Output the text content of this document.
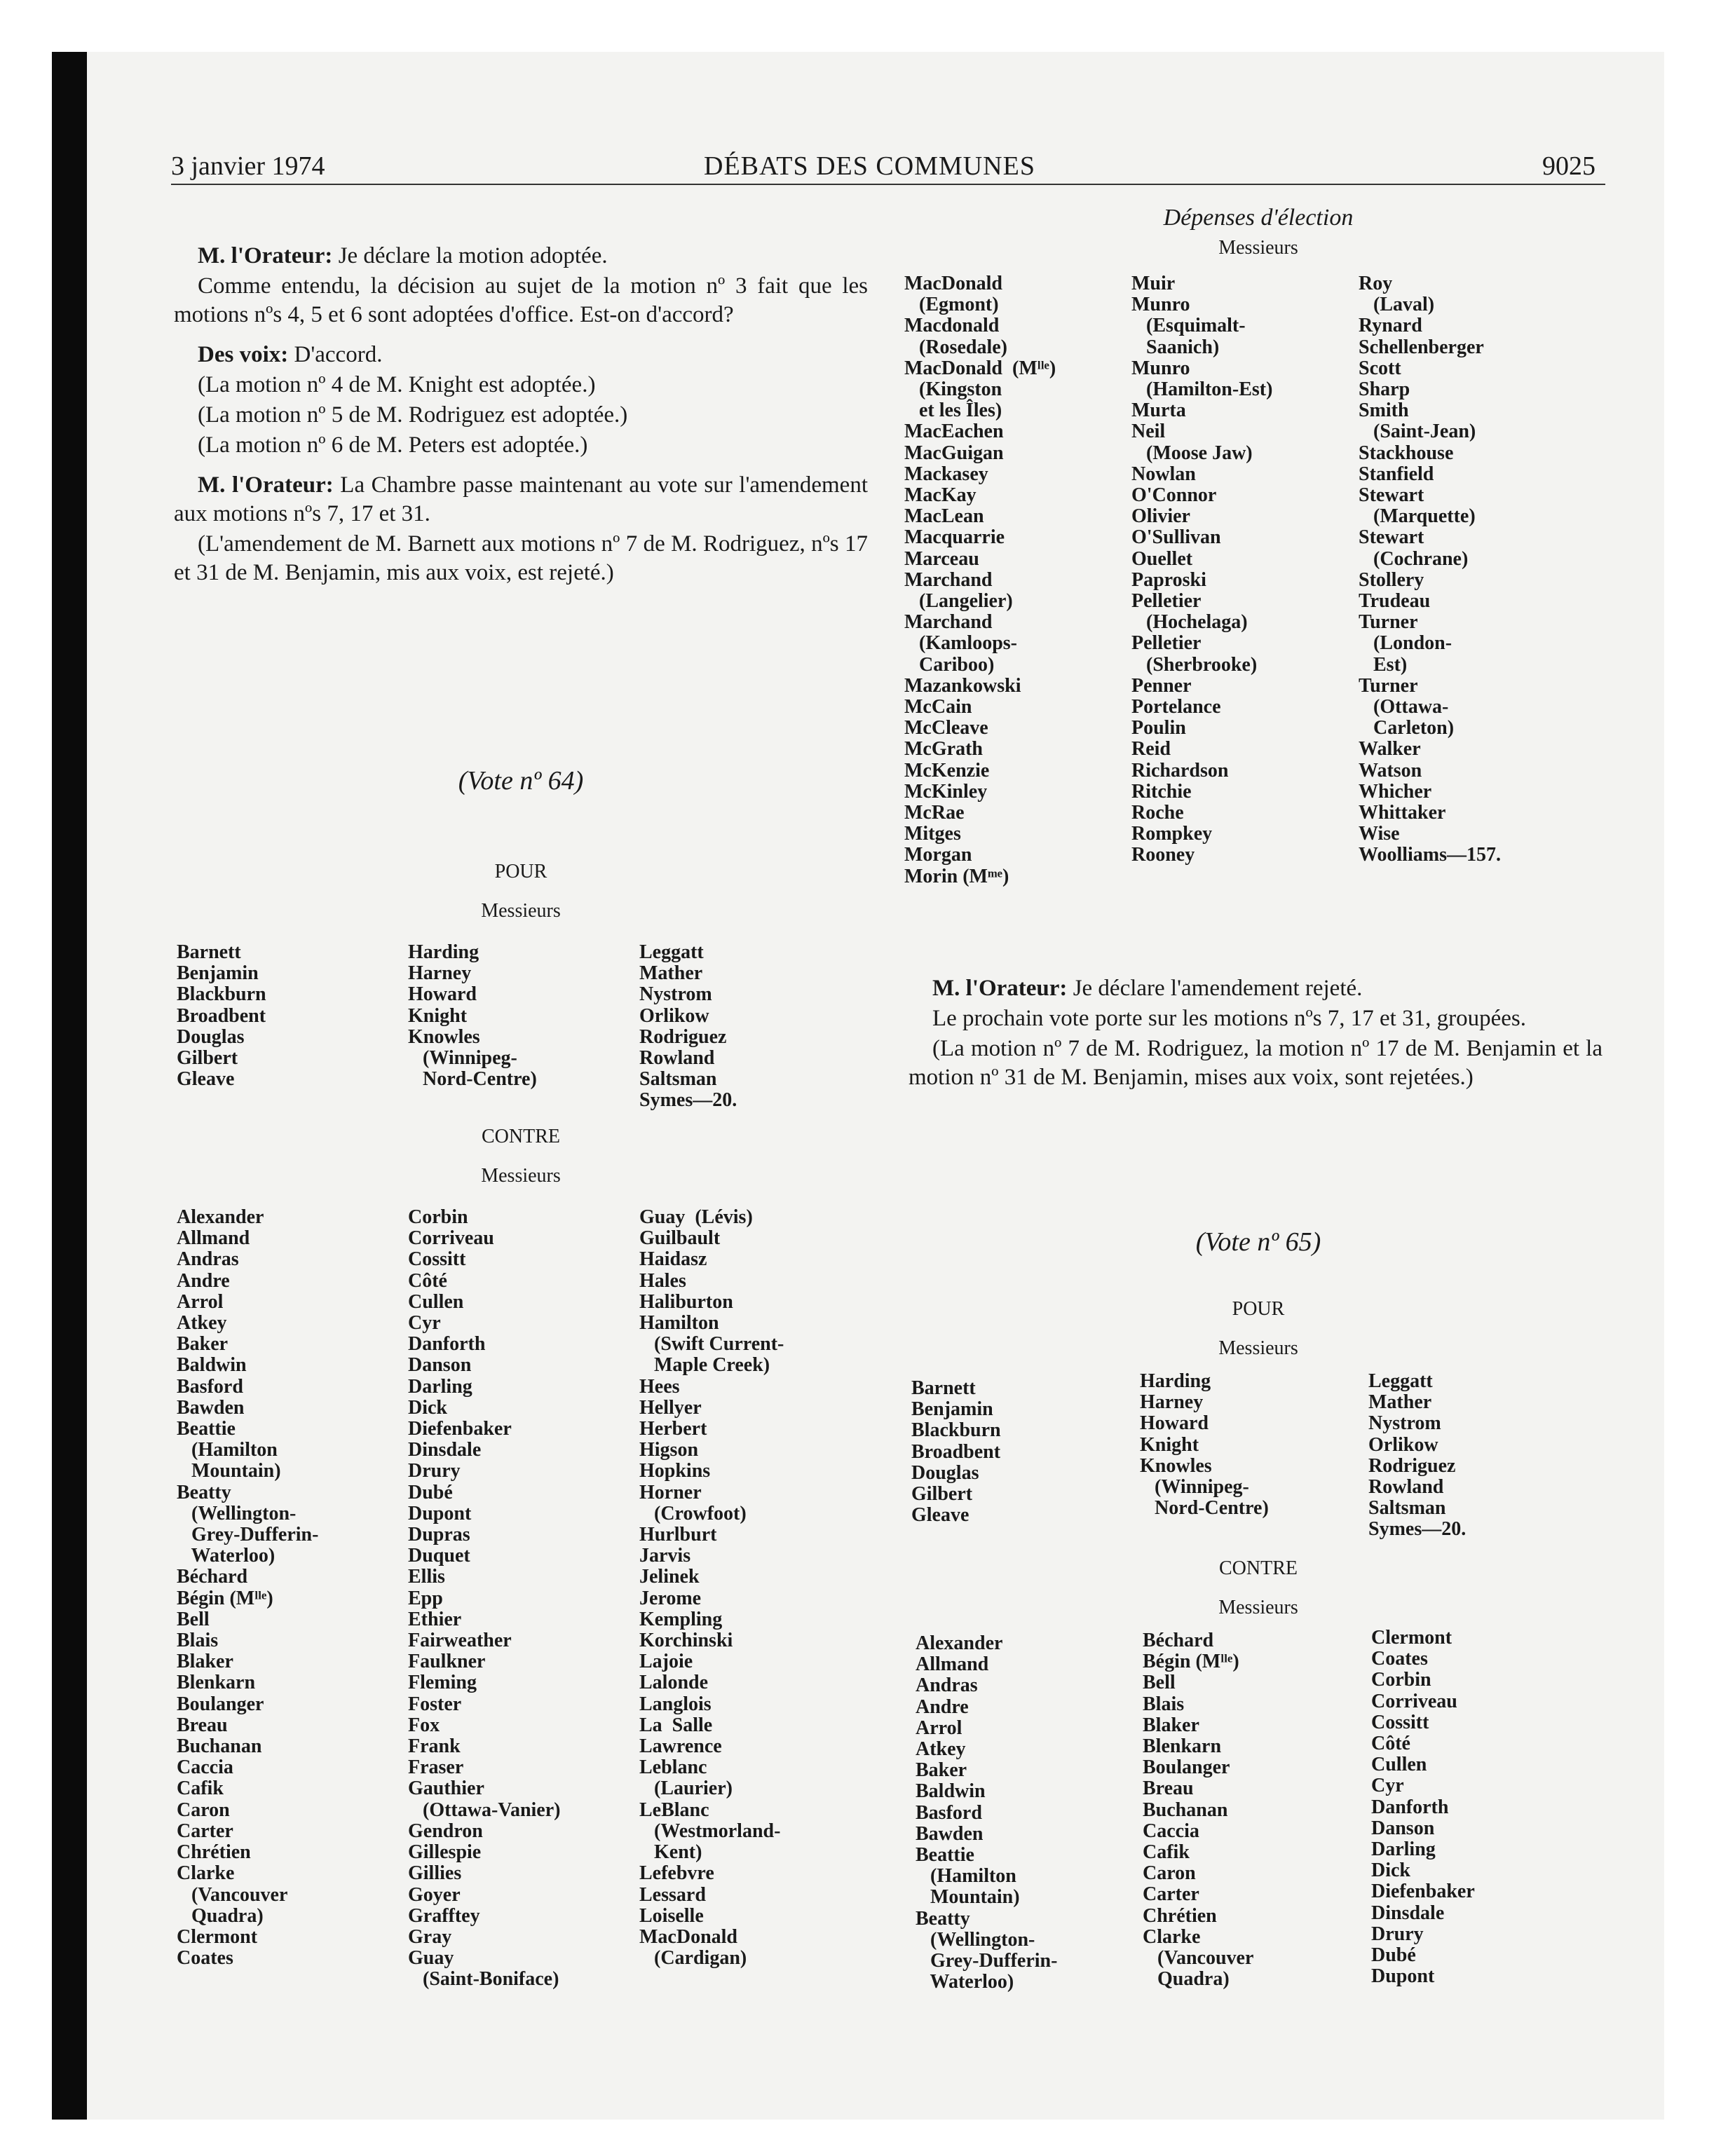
3 janvier 1974	DÉBATS DES COMMUNES	9025

M. l'Orateur: Je déclare la motion adoptée.

Comme entendu, la décision au sujet de la motion nº 3 fait que les motions nºs 4, 5 et 6 sont adoptées d'office. Est-on d'accord?

Des voix: D'accord.

(La motion nº 4 de M. Knight est adoptée.)

(La motion nº 5 de M. Rodriguez est adoptée.)

(La motion nº 6 de M. Peters est adoptée.)

M. l'Orateur: La Chambre passe maintenant au vote sur l'amendement aux motions nºs 7, 17 et 31.

(L'amendement de M. Barnett aux motions nº 7 de M. Rodriguez, nºs 17 et 31 de M. Benjamin, mis aux voix, est rejeté.)

(Vote nº 64)
POUR
Messieurs
Barnett
Benjamin
Blackburn
Broadbent
Douglas
Gilbert
Gleave
Harding
Harney
Howard
Knight
Knowles
(Winnipeg-
Nord-Centre)
Leggatt
Mather
Nystrom
Orlikow
Rodriguez
Rowland
Saltsman
Symes—20.
CONTRE
Messieurs
Alexander
Allmand
Andras
Andre
Arrol
Atkey
Baker
Baldwin
Basford
Bawden
Beattie
(Hamilton
Mountain)
Beatty
(Wellington-
Grey-Dufferin-
Waterloo)
Béchard
Bégin (Mˡˡᵉ)
Bell
Blais
Blaker
Blenkarn
Boulanger
Breau
Buchanan
Caccia
Cafik
Caron
Carter
Chrétien
Clarke
(Vancouver
Quadra)
Clermont
Coates
Corbin
Corriveau
Cossitt
Côté
Cullen
Cyr
Danforth
Danson
Darling
Dick
Diefenbaker
Dinsdale
Drury
Dubé
Dupont
Dupras
Duquet
Ellis
Epp
Ethier
Fairweather
Faulkner
Fleming
Foster
Fox
Frank
Fraser
Gauthier
(Ottawa-Vanier)
Gendron
Gillespie
Gillies
Goyer
Grafftey
Gray
Guay
(Saint-Boniface)
Guay  (Lévis)
Guilbault
Haidasz
Hales
Haliburton
Hamilton
(Swift Current-
Maple Creek)
Hees
Hellyer
Herbert
Higson
Hopkins
Horner
(Crowfoot)
Hurlburt
Jarvis
Jelinek
Jerome
Kempling
Korchinski
Lajoie
Lalonde
Langlois
La  Salle
Lawrence
Leblanc
(Laurier)
LeBlanc
(Westmorland-
Kent)
Lefebvre
Lessard
Loiselle
MacDonald
(Cardigan)
Dépenses d'élection
Messieurs
MacDonald
(Egmont)
Macdonald
(Rosedale)
MacDonald  (Mˡˡᵉ)
(Kingston
et les Îles)
MacEachen
MacGuigan
Mackasey
MacKay
MacLean
Macquarrie
Marceau
Marchand
(Langelier)
Marchand
(Kamloops-
Cariboo)
Mazankowski
McCain
McCleave
McGrath
McKenzie
McKinley
McRae
Mitges
Morgan
Morin (Mᵐᵉ)
Muir
Munro
(Esquimalt-
Saanich)
Munro
(Hamilton-Est)
Murta
Neil
(Moose Jaw)
Nowlan
O'Connor
Olivier
O'Sullivan
Ouellet
Paproski
Pelletier
(Hochelaga)
Pelletier
(Sherbrooke)
Penner
Portelance
Poulin
Reid
Richardson
Ritchie
Roche
Rompkey
Rooney
Roy
(Laval)
Rynard
Schellenberger
Scott
Sharp
Smith
(Saint-Jean)
Stackhouse
Stanfield
Stewart
(Marquette)
Stewart
(Cochrane)
Stollery
Trudeau
Turner
(London-
Est)
Turner
(Ottawa-
Carleton)
Walker
Watson
Whicher
Whittaker
Wise
Woolliams—157.

M. l'Orateur: Je déclare l'amendement rejeté.

Le prochain vote porte sur les motions nºs 7, 17 et 31, groupées.

(La motion nº 7 de M. Rodriguez, la motion nº 17 de M. Benjamin et la motion nº 31 de M. Benjamin, mises aux voix, sont rejetées.)

(Vote nº 65)
POUR
Messieurs
Barnett
Benjamin
Blackburn
Broadbent
Douglas
Gilbert
Gleave
Harding
Harney
Howard
Knight
Knowles
(Winnipeg-
Nord-Centre)
Leggatt
Mather
Nystrom
Orlikow
Rodriguez
Rowland
Saltsman
Symes—20.
CONTRE
Messieurs
Alexander
Allmand
Andras
Andre
Arrol
Atkey
Baker
Baldwin
Basford
Bawden
Beattie
(Hamilton
Mountain)
Beatty
(Wellington-
Grey-Dufferin-
Waterloo)
Béchard
Bégin (Mˡˡᵉ)
Bell
Blais
Blaker
Blenkarn
Boulanger
Breau
Buchanan
Caccia
Cafik
Caron
Carter
Chrétien
Clarke
(Vancouver
Quadra)
Clermont
Coates
Corbin
Corriveau
Cossitt
Côté
Cullen
Cyr
Danforth
Danson
Darling
Dick
Diefenbaker
Dinsdale
Drury
Dubé
Dupont
